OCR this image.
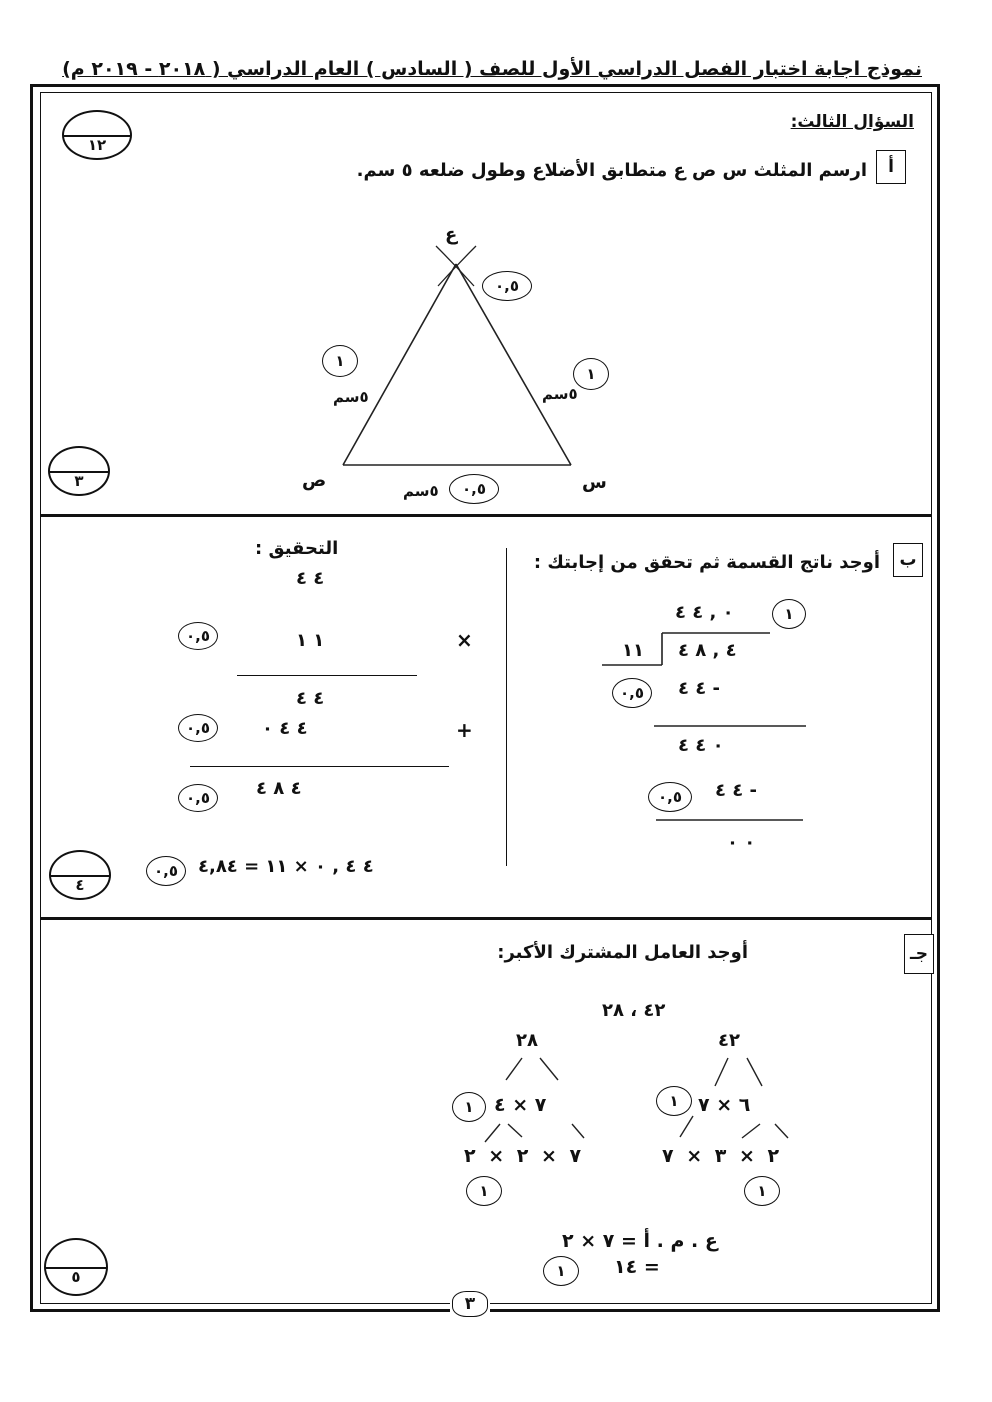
نموذج اجابة اختبار الفصل الدراسي الأول للصف ( السادس ) العام الدراسي ( ٢٠١٨ - ٢٠١٩ م)
١٢
السؤال الثالث:
أ
ارسم المثلث س ص ع متطابق الأضلاع وطول ضلعه ٥ سم.
ع
ص	س
٥سم	٥سم
٥سم
٠,٥
١
١
٠,٥
٣
ب
أوجد ناتج القسمة ثم تحقق من إجابتك :
٠ , ٤ ٤	١
١١ ٤ , ٨ ٤
٠,٥	٤ ٤ -
٠ ٤ ٤
٠,٥	٤ ٤ -
٠ ٠
التحقيق :
٤ ٤
٠,٥	١ ١	×
٤ ٤
٠,٥	٤ ٤ ٠	+
٠,٥	٤ ٨ ٤
٠,٥	٤ ٤ , ٠ × ١١ = ٤,٨٤
٤
جـ
أوجد العامل المشترك الأكبر:
٤٢ ، ٢٨
٢٨
١	٧ × ٤
٧ × ٢ × ٢
١
٤٢
١	٦ × ٧
٢ × ٣ × ٧
١
ع . م . أ = ٧ × ٢
= ١٤
١
٥
٣
